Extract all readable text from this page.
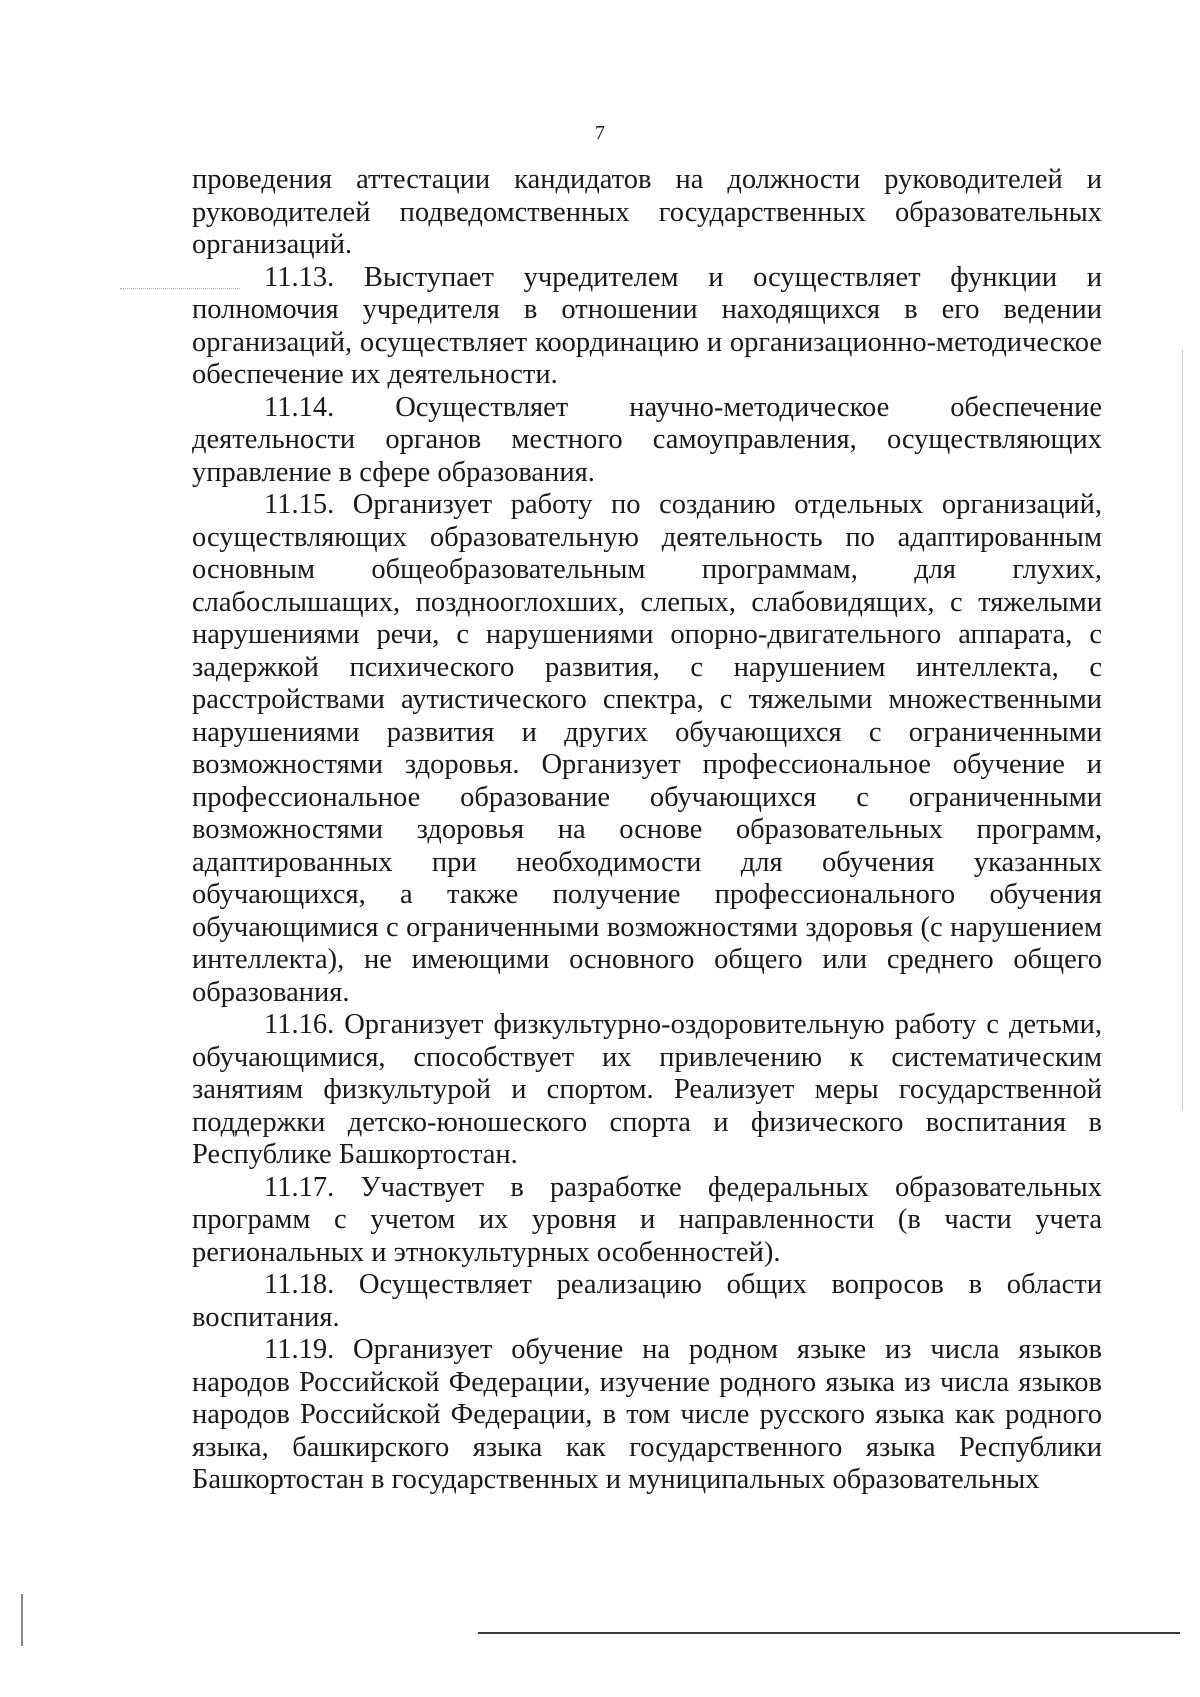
7

проведения аттестации кандидатов на должности руководителей и руководителей подведомственных государственных образовательных организаций.

11.13. Выступает учредителем и осуществляет функции и полномочия учредителя в отношении находящихся в его ведении организаций, осуществляет координацию и организационно-методическое обеспечение их деятельности.

11.14. Осуществляет научно-методическое обеспечение деятельности органов местного самоуправления, осуществляющих управление в сфере образования.

11.15. Организует работу по созданию отдельных организаций, осуществляющих образовательную деятельность по адаптированным основным общеобразовательным программам, для глухих, слабослышащих, позднооглохших, слепых, слабовидящих, с тяжелыми нарушениями речи, с нарушениями опорно-двигательного аппарата, с задержкой психического развития, с нарушением интеллекта, с расстройствами аутистического спектра, с тяжелыми множественными нарушениями развития и других обучающихся с ограниченными возможностями здоровья. Организует профессиональное обучение и профессиональное образование обучающихся с ограниченными возможностями здоровья на основе образовательных программ, адаптированных при необходимости для обучения указанных обучающихся, а также получение профессионального обучения обучающимися с ограниченными возможностями здоровья (с нарушением интеллекта), не имеющими основного общего или среднего общего образования.

11.16. Организует физкультурно-оздоровительную работу с детьми, обучающимися, способствует их привлечению к систематическим занятиям физкультурой и спортом. Реализует меры государственной поддержки детско-юношеского спорта и физического воспитания в Республике Башкортостан.

11.17. Участвует в разработке федеральных образовательных программ с учетом их уровня и направленности (в части учета региональных и этнокультурных особенностей).

11.18. Осуществляет реализацию общих вопросов в области воспитания.

11.19. Организует обучение на родном языке из числа языков народов Российской Федерации, изучение родного языка из числа языков народов Российской Федерации, в том числе русского языка как родного языка, башкирского языка как государственного языка Республики Башкортостан в государственных и муниципальных образовательных
